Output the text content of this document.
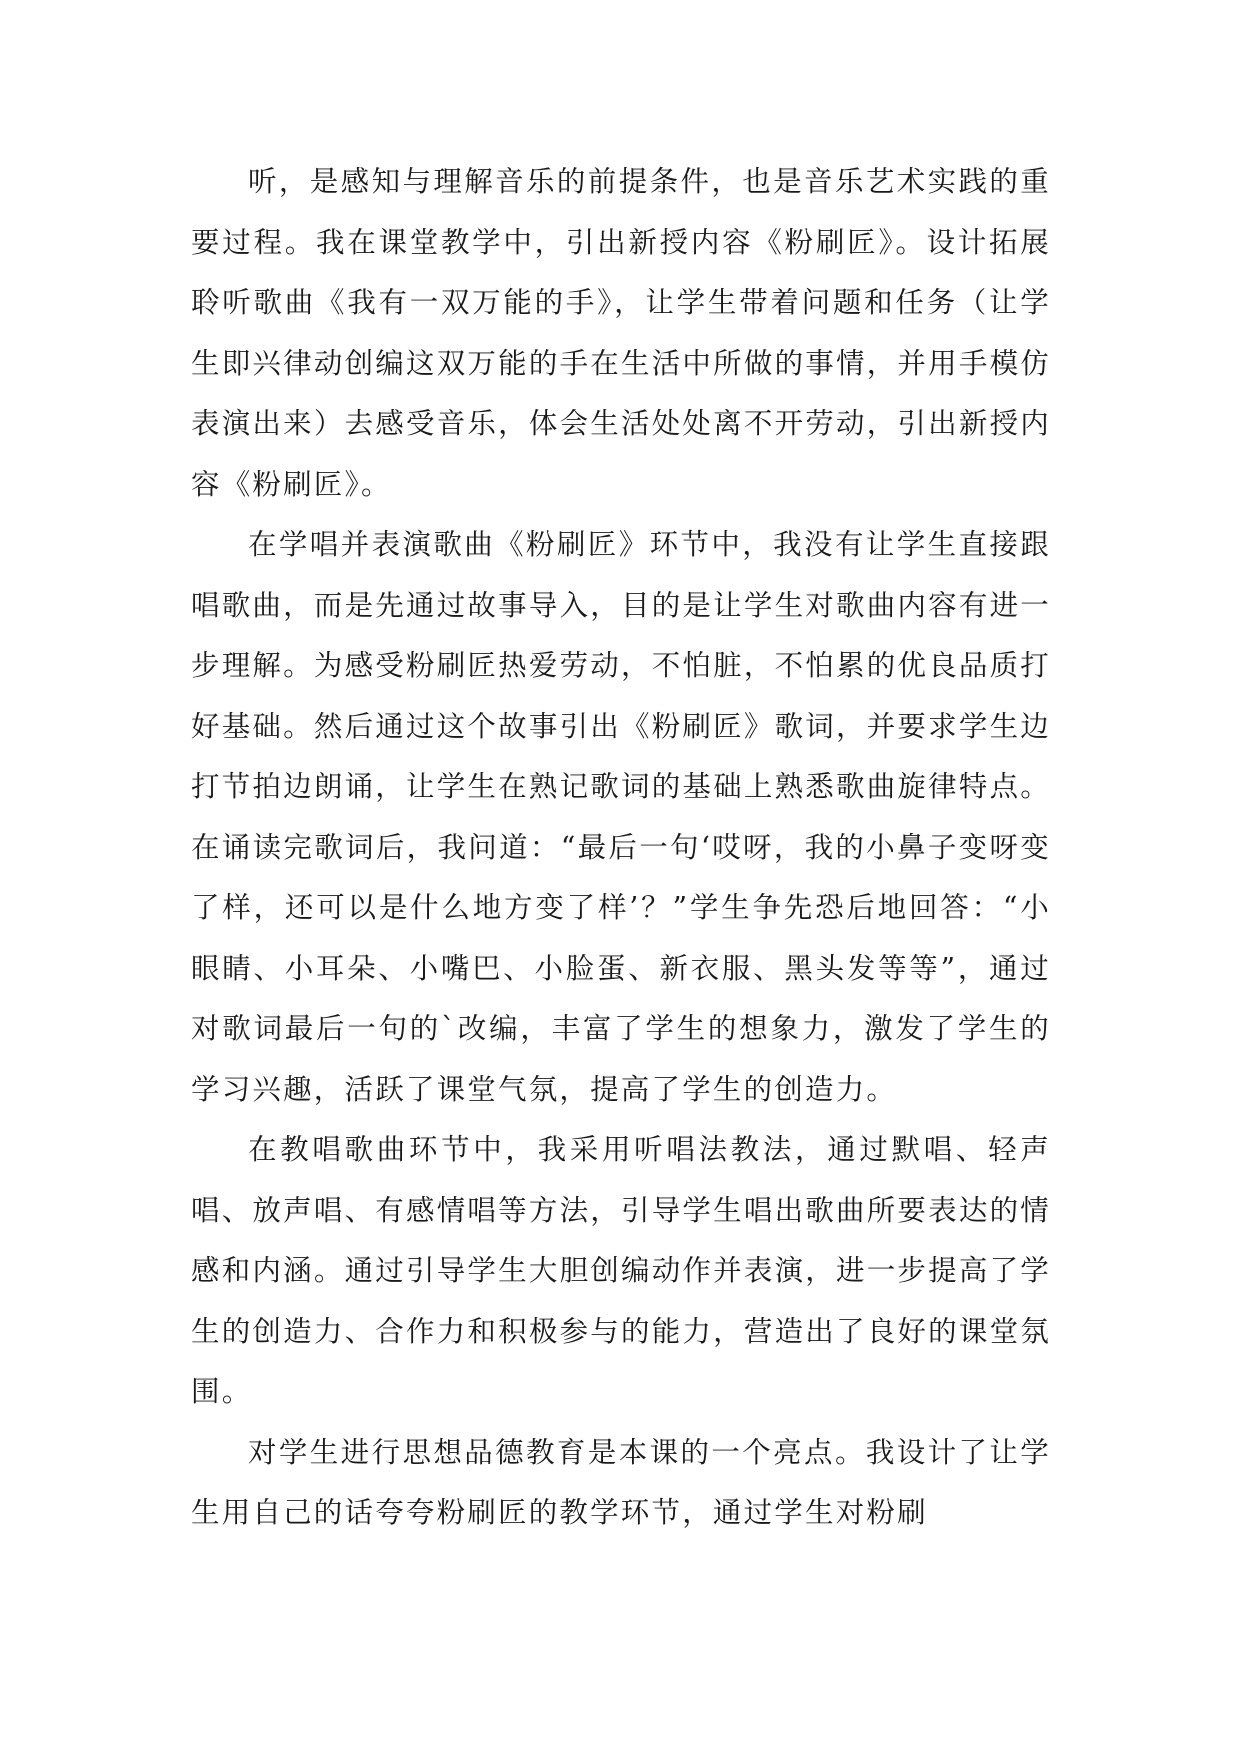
听，是感知与理解音乐的前提条件，也是音乐艺术实践的重要过程。我在课堂教学中，引出新授内容《粉刷匠》。设计拓展聆听歌曲《我有一双万能的手》，让学生带着问题和任务（让学生即兴律动创编这双万能的手在生活中所做的事情，并用手模仿表演出来）去感受音乐，体会生活处处离不开劳动，引出新授内容《粉刷匠》。

在学唱并表演歌曲《粉刷匠》环节中，我没有让学生直接跟唱歌曲，而是先通过故事导入，目的是让学生对歌曲内容有进一步理解。为感受粉刷匠热爱劳动，不怕脏，不怕累的优良品质打好基础。然后通过这个故事引出《粉刷匠》歌词，并要求学生边打节拍边朗诵，让学生在熟记歌词的基础上熟悉歌曲旋律特点。在诵读完歌词后，我问道：“最后一句‘哎呀，我的小鼻子变呀变了样，还可以是什么地方变了样’？”学生争先恐后地回答：“小眼睛、小耳朵、小嘴巴、小脸蛋、新衣服、黑头发等等”，通过对歌词最后一句的`改编，丰富了学生的想象力，激发了学生的学习兴趣，活跃了课堂气氛，提高了学生的创造力。

在教唱歌曲环节中，我采用听唱法教法，通过默唱、轻声唱、放声唱、有感情唱等方法，引导学生唱出歌曲所要表达的情感和内涵。通过引导学生大胆创编动作并表演，进一步提高了学生的创造力、合作力和积极参与的能力，营造出了良好的课堂氛围。

对学生进行思想品德教育是本课的一个亮点。我设计了让学生用自己的话夸夸粉刷匠的教学环节，通过学生对粉刷
